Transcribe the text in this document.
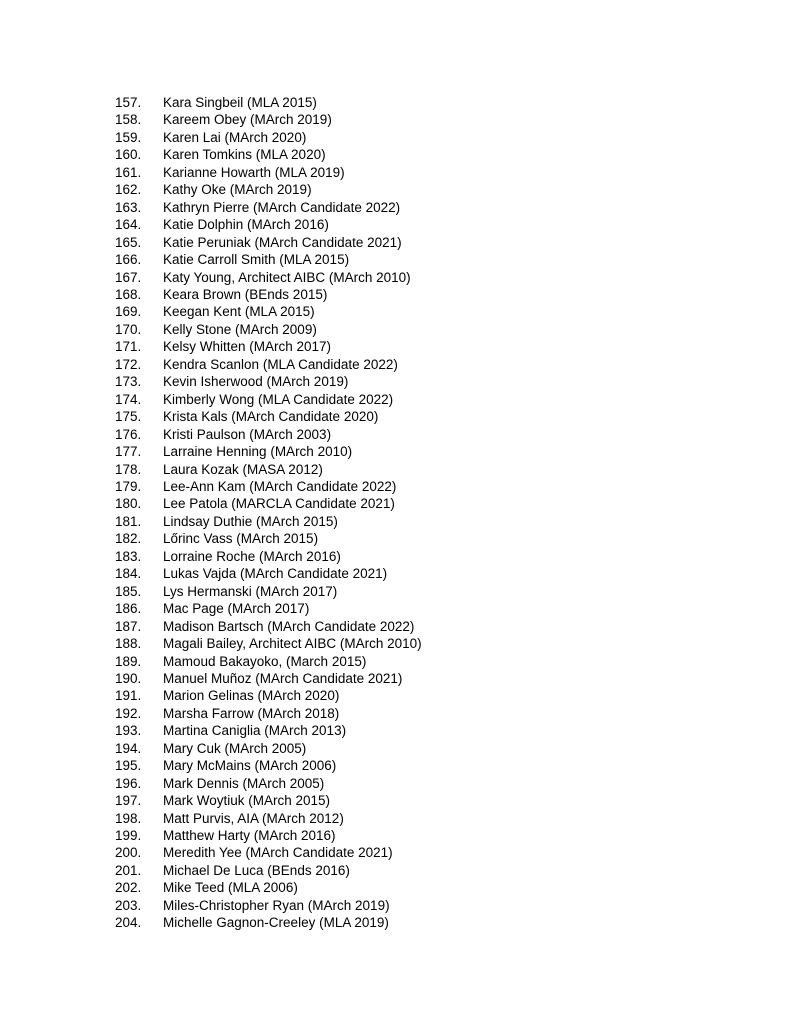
157.	Kara Singbeil (MLA 2015)
158.	Kareem Obey (MArch 2019)
159.	Karen Lai (MArch 2020)
160.	Karen Tomkins (MLA 2020)
161.	Karianne Howarth (MLA 2019)
162.	Kathy Oke (MArch 2019)
163.	Kathryn Pierre (MArch Candidate 2022)
164.	Katie Dolphin (MArch 2016)
165.	Katie Peruniak (MArch Candidate 2021)
166.	Katie Carroll Smith (MLA 2015)
167.	Katy Young, Architect AIBC (MArch 2010)
168.	Keara Brown (BEnds 2015)
169.	Keegan Kent (MLA 2015)
170.	Kelly Stone (MArch 2009)
171.	Kelsy Whitten (MArch 2017)
172.	Kendra Scanlon (MLA Candidate 2022)
173.	Kevin Isherwood (MArch 2019)
174.	Kimberly Wong (MLA Candidate 2022)
175.	Krista Kals (MArch Candidate 2020)
176.	Kristi Paulson (MArch 2003)
177.	Larraine Henning (MArch 2010)
178.	Laura Kozak (MASA 2012)
179.	Lee-Ann Kam (MArch Candidate 2022)
180.	Lee Patola (MARCLA Candidate 2021)
181.	Lindsay Duthie (MArch 2015)
182.	Lőrinc Vass (MArch 2015)
183.	Lorraine Roche (MArch 2016)
184.	Lukas Vajda (MArch Candidate 2021)
185.	Lys Hermanski (MArch 2017)
186.	Mac Page (MArch 2017)
187.	Madison Bartsch (MArch Candidate 2022)
188.	Magali Bailey, Architect AIBC (MArch 2010)
189.	Mamoud Bakayoko, (March 2015)
190.	Manuel Muñoz (MArch Candidate 2021)
191.	Marion Gelinas (MArch 2020)
192.	Marsha Farrow (MArch 2018)
193.	Martina Caniglia (MArch 2013)
194.	Mary Cuk (MArch 2005)
195.	Mary McMains (MArch 2006)
196.	Mark Dennis (MArch 2005)
197.	Mark Woytiuk (MArch 2015)
198.	Matt Purvis, AIA (MArch 2012)
199.	Matthew Harty (MArch 2016)
200.	Meredith Yee (MArch Candidate 2021)
201.	Michael De Luca (BEnds 2016)
202.	Mike Teed (MLA 2006)
203.	Miles-Christopher Ryan (MArch 2019)
204.	Michelle Gagnon-Creeley (MLA 2019)
